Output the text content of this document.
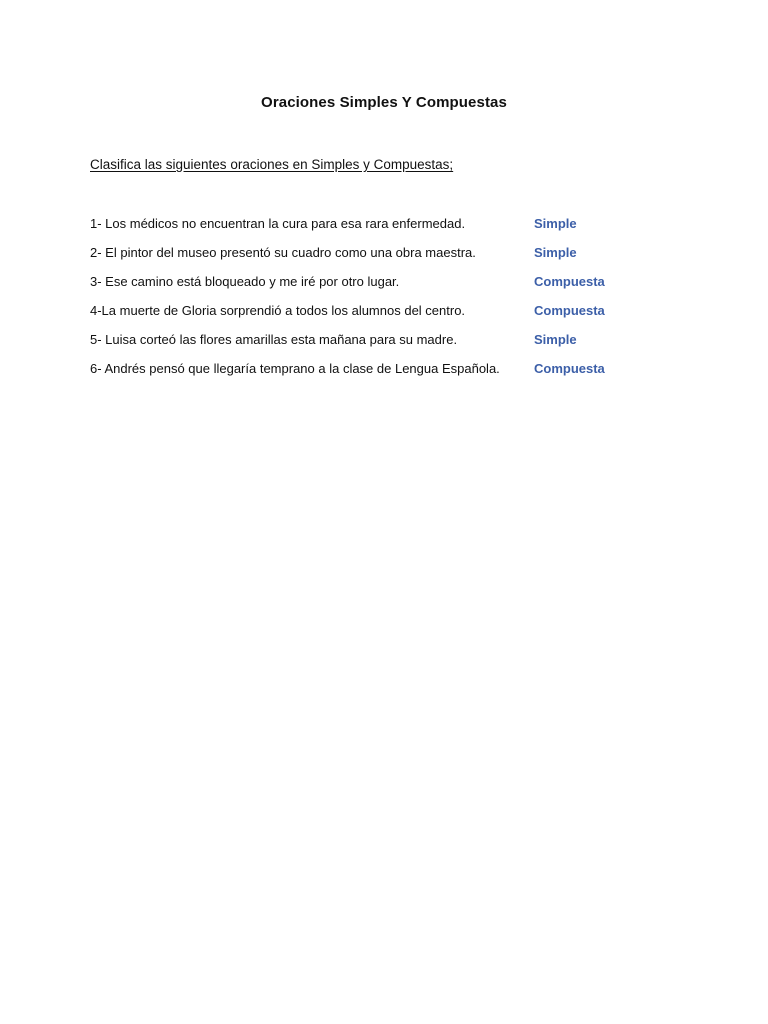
Oraciones Simples Y Compuestas
Clasifica las siguientes oraciones en Simples y Compuestas;
1- Los médicos no encuentran la cura para esa rara enfermedad.	Simple
2- El pintor del museo presentó su cuadro como una obra maestra.	Simple
3- Ese camino está bloqueado y me iré por otro lugar.	Compuesta
4-La muerte de Gloria sorprendió a todos los alumnos del centro.	Compuesta
5- Luisa corteó las flores amarillas esta mañana para su madre.	Simple
6- Andrés pensó que llegaría temprano a la clase de Lengua Española.	Compuesta
